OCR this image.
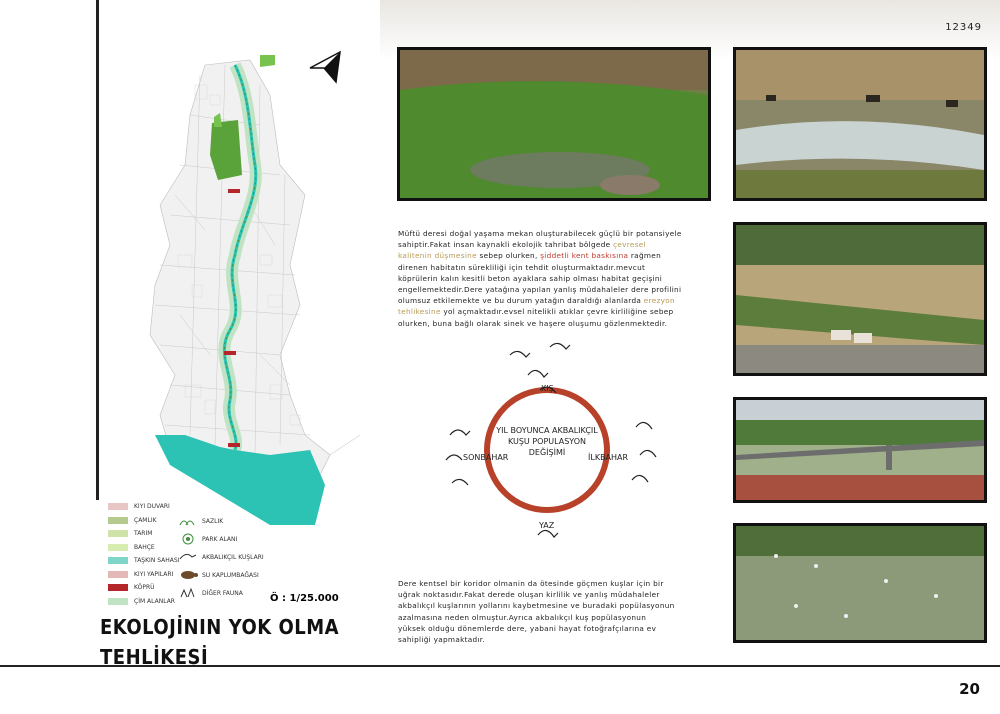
12349
20
KIYI DUVARI
ÇAMLIK
TARIM
BAHÇE
TAŞKIN SAHASI
KIYI YAPILARI
KÖPRÜ
ÇİM ALANLAR
SAZLIK
PARK ALANI
AKBALIKÇIL KUŞLARI
SU KAPLUMBAĞASI
DİĞER FAUNA	Ö : 1/25.000
EKOLOJİNIN YOK OLMA
TEHLİKESİ
Müftü deresi doğal yaşama mekan oluşturabilecek güçlü bir potansiyele
sahiptir.Fakat insan kaynakli ekolojik tahribat bölgede çevresel
kalitenin düşmesine sebep olurken, şiddetli kent baskısına rağmen
direnen habitatın sürekliliği için tehdit oluşturmaktadır.mevcut
köprülerin kalın kesitli beton ayaklara sahip olması habitat geçişini
engellemektedir.Dere yatağına yapılan yanlış müdahaleler dere profilini
olumsuz etkilemekte ve bu durum yatağın daraldığı alanlarda erezyon
tehlikesine yol açmaktadır.evsel nitelikli atıklar çevre kirliliğine sebep
olurken, buna bağlı olarak sinek ve haşere oluşumu gözlenmektedir.
KIŞ
İLKBAHAR
YAZ
SONBAHAR
YIL BOYUNCA AKBALIKÇIL
KUŞU POPULASYON
DEĞİŞİMİ
Dere kentsel bir koridor olmanin da ötesinde göçmen kuşlar için bir
uğrak noktasıdır.Fakat derede oluşan kirlilik ve yanlış müdahaleler
akbalıkçıl kuşlarının yollarını kaybetmesine ve buradaki popülasyonun
azalmasına neden olmuştur.Ayrıca akbalıkçıl kuş popülasyonun
yüksek olduğu dönemlerde dere, yabani hayat fotoğrafçılarına ev
sahipliği yapmaktadır.
